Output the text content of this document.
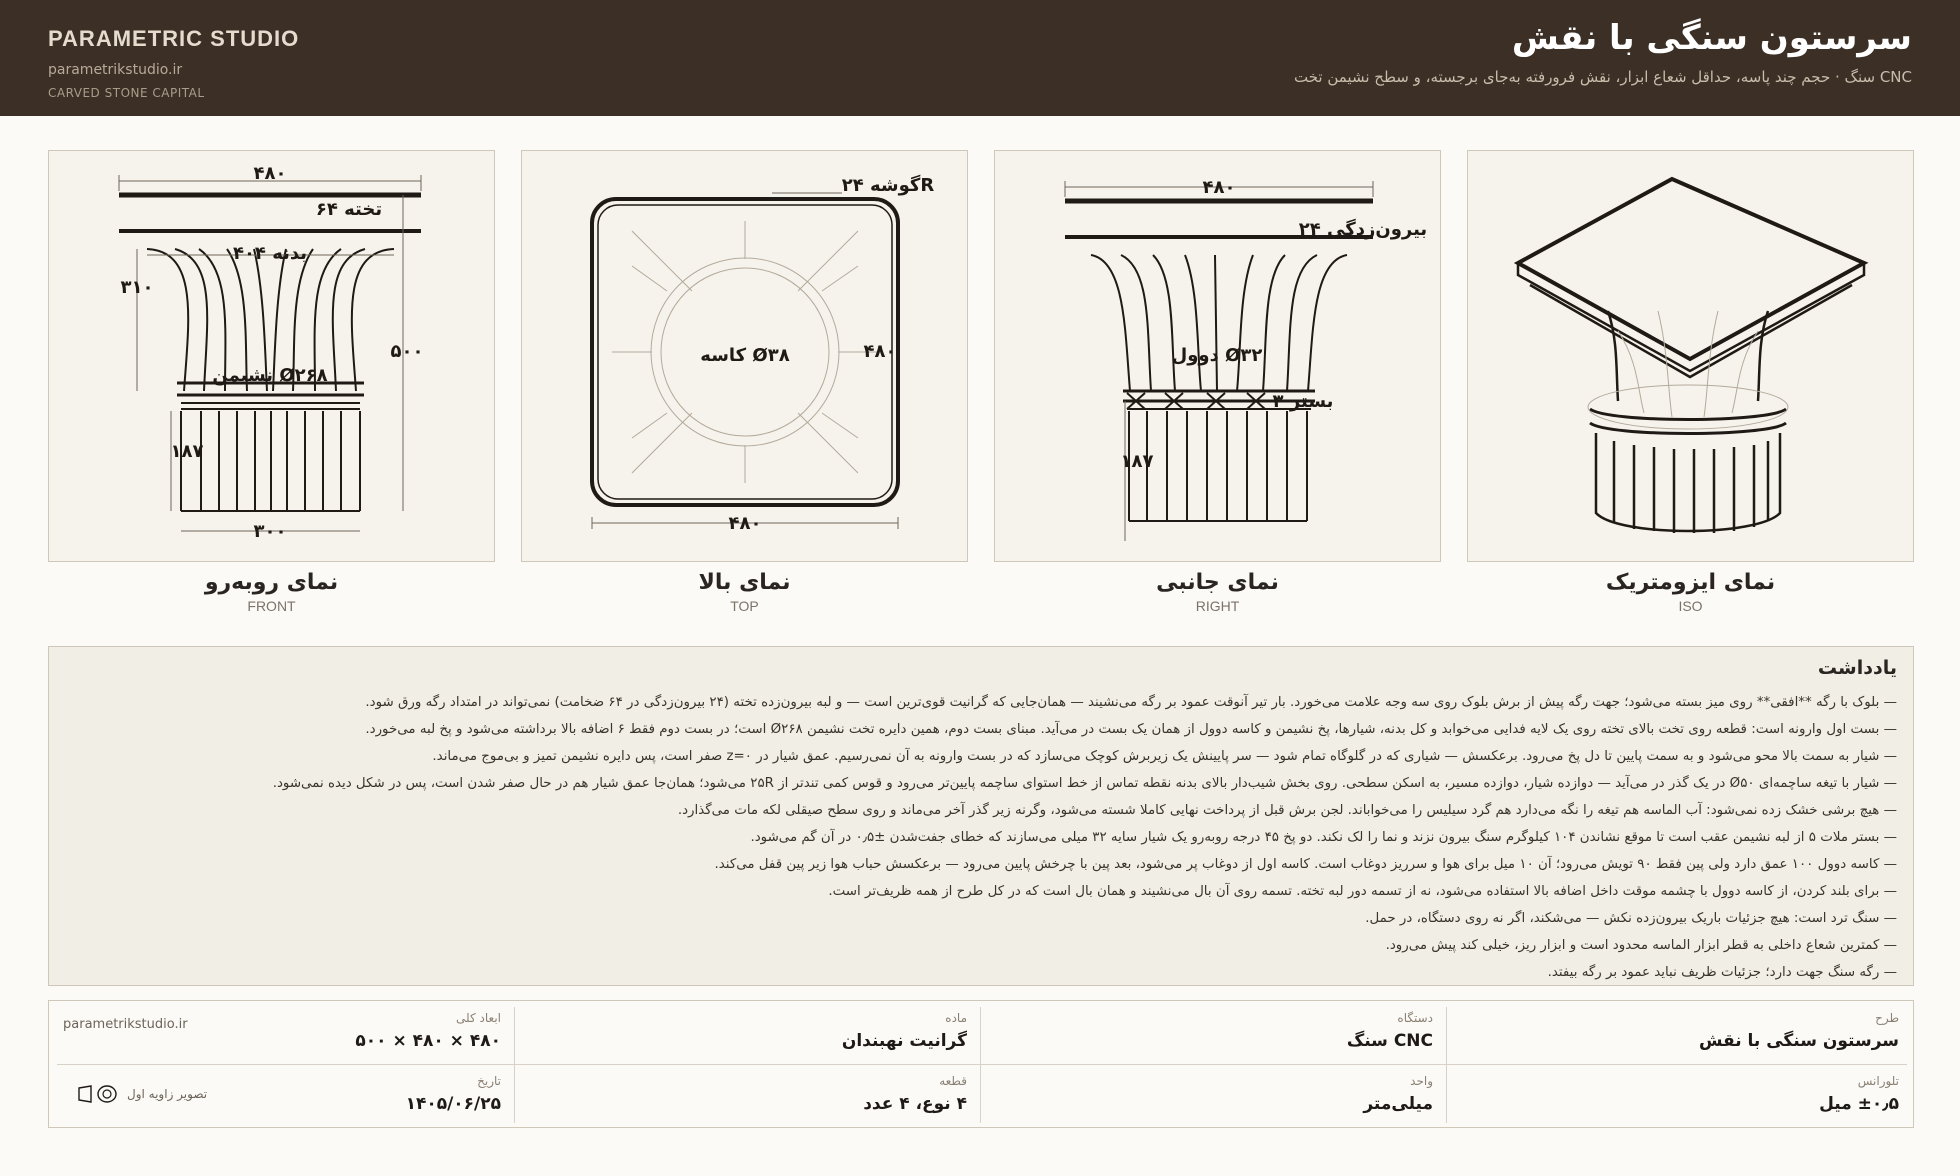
PARAMETRIC STUDIO
parametrikstudio.ir
CARVED STONE CAPITAL
سرستون سنگی با نقش
CNC سنگ · حجم چند پاسه، حداقل شعاع ابزار، نقش فرورفته به‌جای برجسته، و سطح نشیمن تخت
۴۸۰
تخته ۶۴
بدنه ۴۰۴
۳۱۰
نشیمن Ø۲۶۸
۵۰۰
۱۸۷
۳۰۰
نمای روبه‌رو
FRONT
گوشه ۲۴R
کاسه Ø۳۸	۴۸۰
۴۸۰
نمای بالا
TOP
۴۸۰
بیرون‌زدگی ۲۴
دوول Ø۳۲
بستر ۳
۱۸۷
نمای جانبی
RIGHT
نمای ایزومتریک
ISO
یادداشت
— بلوک با رگه **افقی** روی میز بسته می‌شود؛ جهت رگه پیش از برش بلوک روی سه وجه علامت می‌خورد. بار تیر آنوقت عمود بر رگه می‌نشیند — همان‌جایی که گرانیت قوی‌ترین است — و لبه بیرون‌زده تخته (۲۴ بیرون‌زدگی در ۶۴ ضخامت) نمی‌تواند در امتداد رگه ورق شود.
— بست اول وارونه است: قطعه روی تخت بالای تخته روی یک لایه فدایی می‌خوابد و کل بدنه، شیارها، پخ نشیمن و کاسه دوول از همان یک بست در می‌آید. مبنای بست دوم، همین دایره تخت نشیمن Ø۲۶۸ است؛ در بست دوم فقط ۶ اضافه بالا برداشته می‌شود و پخ لبه می‌خورد.
— شیار به سمت بالا محو می‌شود و به سمت پایین تا دل پخ می‌رود. برعکسش — شیاری که در گلوگاه تمام شود — سر پایینش یک زیربرش کوچک می‌سازد که در بست وارونه به آن نمی‌رسیم. عمق شیار در z=۰ صفر است، پس دایره نشیمن تمیز و بی‌موج می‌ماند.
— شیار با تیغه ساچمه‌ای Ø۵۰ در یک گذر در می‌آید — دوازده شیار، دوازده مسیر، به اسکن سطحی. روی بخش شیب‌دار بالای بدنه نقطه تماس از خط استوای ساچمه پایین‌تر می‌رود و قوس کمی تندتر از ۲۵R می‌شود؛ همان‌جا عمق شیار هم در حال صفر شدن است، پس در شکل دیده نمی‌شود.
— هیچ برشی خشک زده نمی‌شود: آب الماسه هم تیغه را نگه می‌دارد هم گرد سیلیس را می‌خواباند. لجن برش قبل از پرداخت نهایی کاملا شسته می‌شود، وگرنه زیر گذر آخر می‌ماند و روی سطح صیقلی لکه مات می‌گذارد.
— بستر ملات ۵ از لبه نشیمن عقب است تا موقع نشاندن ۱۰۴ کیلوگرم سنگ بیرون نزند و نما را لک نکند. دو پخ ۴۵ درجه روبه‌رو یک شیار سایه ۳۲ میلی می‌سازند که خطای جفت‌شدن ±۰٫۵ در آن گم می‌شود.
— کاسه دوول ۱۰۰ عمق دارد ولی پین فقط ۹۰ تویش می‌رود؛ آن ۱۰ میل برای هوا و سرریز دوغاب است. کاسه اول از دوغاب پر می‌شود، بعد پین با چرخش پایین می‌رود — برعکسش حباب هوا زیر پین قفل می‌کند.
— برای بلند کردن، از کاسه دوول با چشمه موقت داخل اضافه بالا استفاده می‌شود، نه از تسمه دور لبه تخته. تسمه روی آن بال می‌نشیند و همان بال است که در کل طرح از همه ظریف‌تر است.
— سنگ ترد است: هیچ جزئیات باریک بیرون‌زده نکش — می‌شکند، اگر نه روی دستگاه، در حمل.
— کمترین شعاع داخلی به قطر ابزار الماسه محدود است و ابزار ریز، خیلی کند پیش می‌رود.
— رگه سنگ جهت دارد؛ جزئیات ظریف نباید عمود بر رگه بیفتد.
طرح
سرستون سنگی با نقش
دستگاه
CNC سنگ
ماده
گرانیت نهبندان
ابعاد کلی
۴۸۰ × ۴۸۰ × ۵۰۰
تلورانس
±۰٫۵ میل
واحد
میلی‌متر
قطعه
۴ نوع، ۴ عدد
تاریخ
۱۴۰۵/۰۶/۲۵
parametrikstudio.ir
تصویر زاویه اول
